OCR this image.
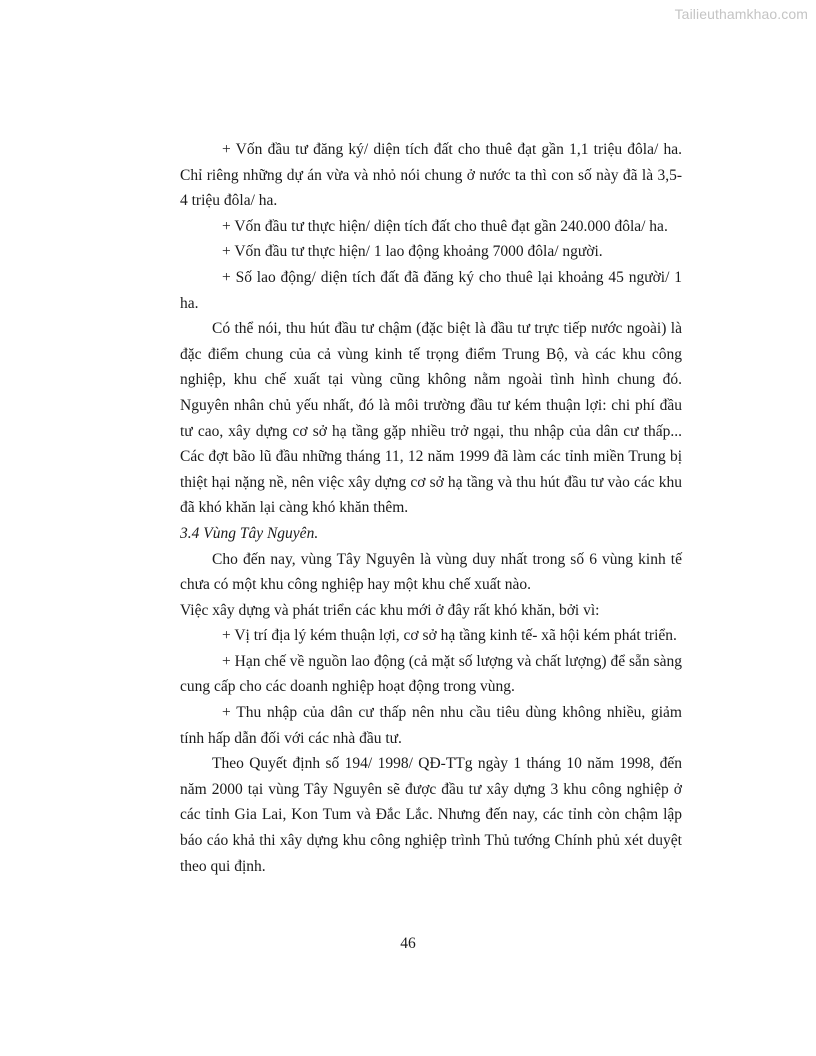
Tailieuthamkhao.com

+ Vốn đầu tư đăng ký/ diện tích đất cho thuê đạt gần 1,1 triệu đôla/ ha. Chỉ riêng những dự án vừa và nhỏ nói chung ở nước ta thì con số này đã là 3,5- 4 triệu đôla/ ha.

+ Vốn đầu tư thực hiện/ diện tích đất cho thuê đạt gần 240.000 đôla/ ha.

+ Vốn đầu tư thực hiện/ 1 lao động khoảng 7000 đôla/ người.

+ Số lao động/ diện tích đất đã đăng ký cho thuê lại khoảng 45 người/ 1 ha.

Có thể nói, thu hút đầu tư chậm (đặc biệt là đầu tư trực tiếp nước ngoài) là đặc điểm chung của cả vùng kinh tế trọng điểm Trung Bộ, và các khu công nghiệp, khu chế xuất tại vùng cũng không nằm ngoài tình hình chung đó. Nguyên nhân chủ yếu nhất, đó là môi trường đầu tư kém thuận lợi: chi phí đầu tư cao, xây dựng cơ sở hạ tầng gặp nhiều trở ngại, thu nhập của dân cư thấp... Các đợt bão lũ đầu những tháng 11, 12 năm 1999 đã làm các tỉnh miền Trung bị thiệt hại nặng nề, nên việc xây dựng cơ sở hạ tầng và thu hút đầu tư vào các khu đã khó khăn lại càng khó khăn thêm.

3.4 Vùng Tây Nguyên.

Cho đến nay, vùng Tây Nguyên là vùng duy nhất trong số 6 vùng kinh tế chưa có một khu công nghiệp hay một khu chế xuất nào.

Việc xây dựng và phát triển các khu mới ở đây rất khó khăn, bởi vì:

+ Vị trí địa lý kém thuận lợi, cơ sở hạ tầng kinh tế- xã hội kém phát triển.

+ Hạn chế về nguồn lao động (cả mặt số lượng và chất lượng) để sẵn sàng cung cấp cho các doanh nghiệp hoạt động trong vùng.

+ Thu nhập của dân cư thấp nên nhu cầu tiêu dùng không nhiều, giảm tính hấp dẫn đối với các nhà đầu tư.

Theo Quyết định số 194/ 1998/ QĐ-TTg ngày 1 tháng 10 năm 1998, đến năm 2000 tại vùng Tây Nguyên sẽ được đầu tư xây dựng 3 khu công nghiệp ở các tỉnh Gia Lai, Kon Tum và Đắc Lắc. Nhưng đến nay, các tỉnh còn chậm lập báo cáo khả thi xây dựng khu công nghiệp trình Thủ tướng Chính phủ xét duyệt theo qui định.

46
